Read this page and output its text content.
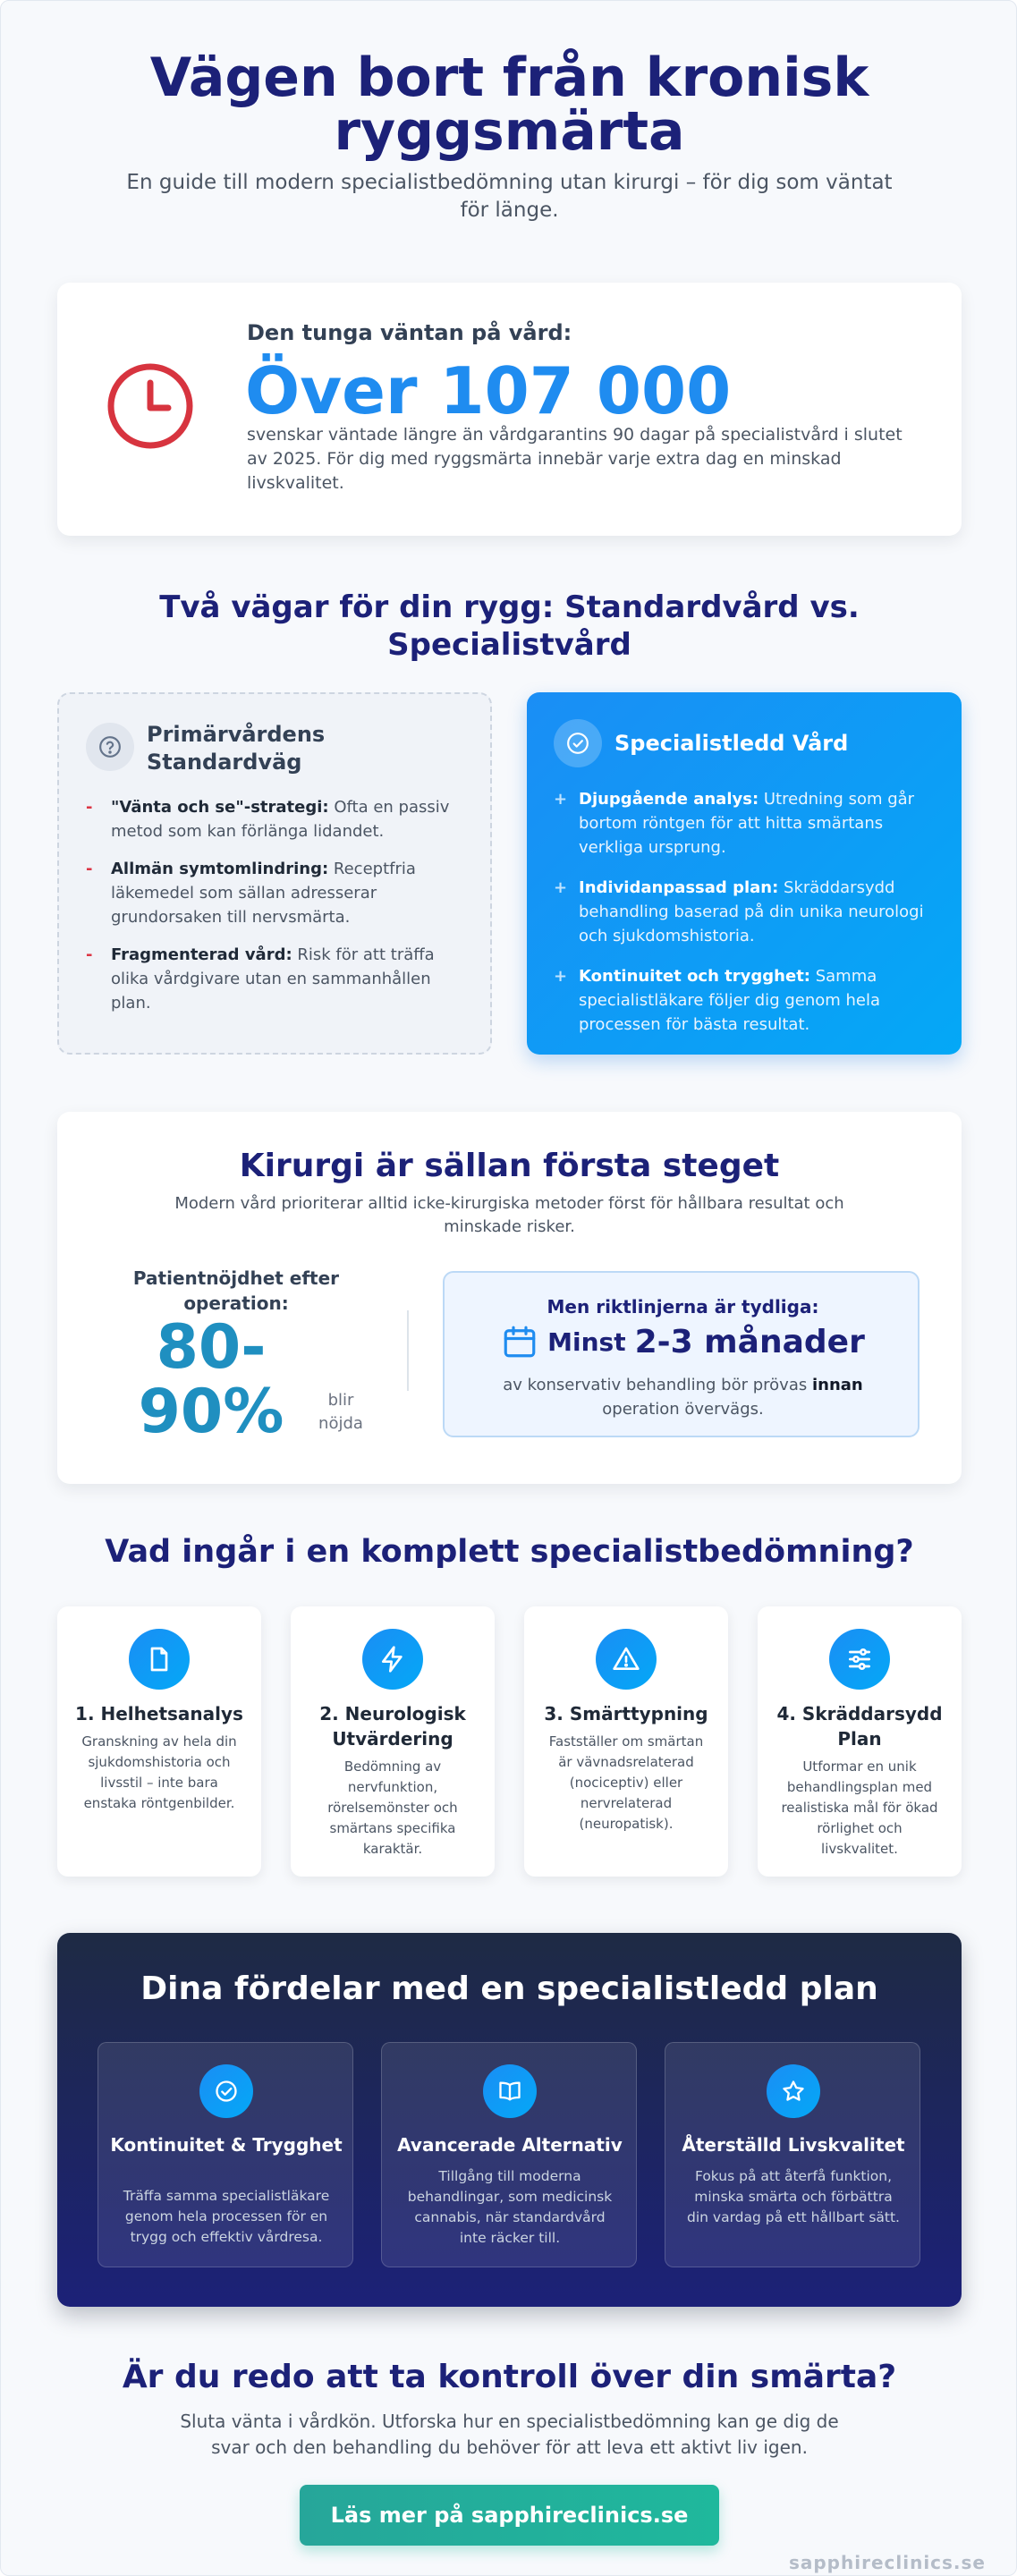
Vägen bort från kronisk
ryggsmärta

En guide till modern specialistbedömning utan kirurgi – för dig som väntat för länge.

Den tunga väntan på vård:
Över 107 000

svenskar väntade längre än vårdgarantins 90 dagar på specialistvård i slutet av 2025. För dig med ryggsmärta innebär varje extra dag en minskad livskvalitet.

Två vägar för din rygg: Standardvård vs. Specialistvård
Primärvårdens
Standardväg
- "Vänta och se"-strategi: Ofta en passiv metod som kan förlänga lidandet.
- Allmän symtomlindring: Receptfria läkemedel som sällan adresserar grundorsaken till nervsmärta.
- Fragmenterad vård: Risk för att träffa olika vårdgivare utan en sammanhållen plan.
Specialistledd Vård
+ Djupgående analys: Utredning som går bortom röntgen för att hitta smärtans verkliga ursprung.
+ Individanpassad plan: Skräddarsydd behandling baserad på din unika neurologi och sjukdomshistoria.
+ Kontinuitet och trygghet: Samma specialistläkare följer dig genom hela processen för bästa resultat.
Kirurgi är sällan första steget

Modern vård prioriterar alltid icke-kirurgiska metoder först för hållbara resultat och minskade risker.

Patientnöjdhet efter operation:
80-
90%	blir nöjda
Men riktlinjerna är tydliga:
Minst 2-3 månader

av konservativ behandling bör prövas innan operation övervägs.

Vad ingår i en komplett specialistbedömning?
1. Helhetsanalys
Granskning av hela din sjukdomshistoria och livsstil – inte bara enstaka röntgenbilder.
2. Neurologisk Utvärdering
Bedömning av nervfunktion, rörelsemönster och smärtans specifika karaktär.
3. Smärttypning
Fastställer om smärtan är vävnadsrelaterad (nociceptiv) eller nervrelaterad (neuropatisk).
4. Skräddarsydd Plan
Utformar en unik behandlingsplan med realistiska mål för ökad rörlighet och livskvalitet.
Dina fördelar med en specialistledd plan
Kontinuitet & Trygghet
Träffa samma specialistläkare genom hela processen för en trygg och effektiv vårdresa.
Avancerade Alternativ
Tillgång till moderna behandlingar, som medicinsk cannabis, när standardvård inte räcker till.
Återställd Livskvalitet
Fokus på att återfå funktion, minska smärta och förbättra din vardag på ett hållbart sätt.
Är du redo att ta kontroll över din smärta?

Sluta vänta i vårdkön. Utforska hur en specialistbedömning kan ge dig de svar och den behandling du behöver för att leva ett aktivt liv igen.

Läs mer på sapphireclinics.se
sapphireclinics.se
